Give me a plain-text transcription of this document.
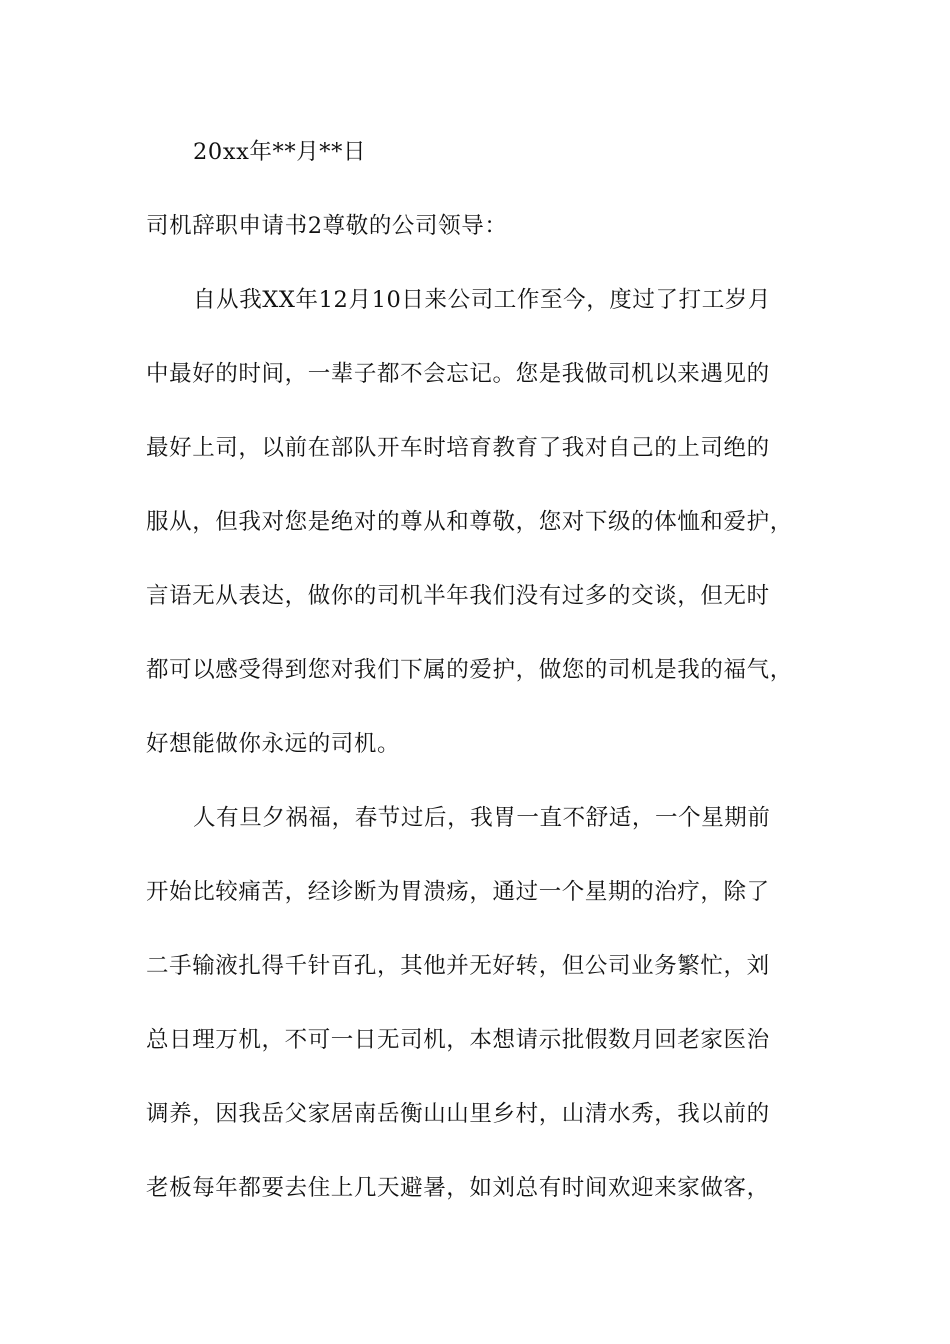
20xx年**月**日
司机辞职申请书2尊敬的公司领导：
自从我XX年12月10日来公司工作至今，度过了打工岁月
中最好的时间，一辈子都不会忘记。您是我做司机以来遇见的
最好上司，以前在部队开车时培育教育了我对自己的上司绝的
服从，但我对您是绝对的尊从和尊敬，您对下级的体恤和爱护，
言语无从表达，做你的司机半年我们没有过多的交谈，但无时
都可以感受得到您对我们下属的爱护，做您的司机是我的福气，
好想能做你永远的司机。
人有旦夕祸福，春节过后，我胃一直不舒适，一个星期前
开始比较痛苦，经诊断为胃溃疡，通过一个星期的治疗，除了
二手输液扎得千针百孔，其他并无好转，但公司业务繁忙，刘
总日理万机，不可一日无司机，本想请示批假数月回老家医治
调养，因我岳父家居南岳衡山山里乡村，山清水秀，我以前的
老板每年都要去住上几天避暑，如刘总有时间欢迎来家做客，
